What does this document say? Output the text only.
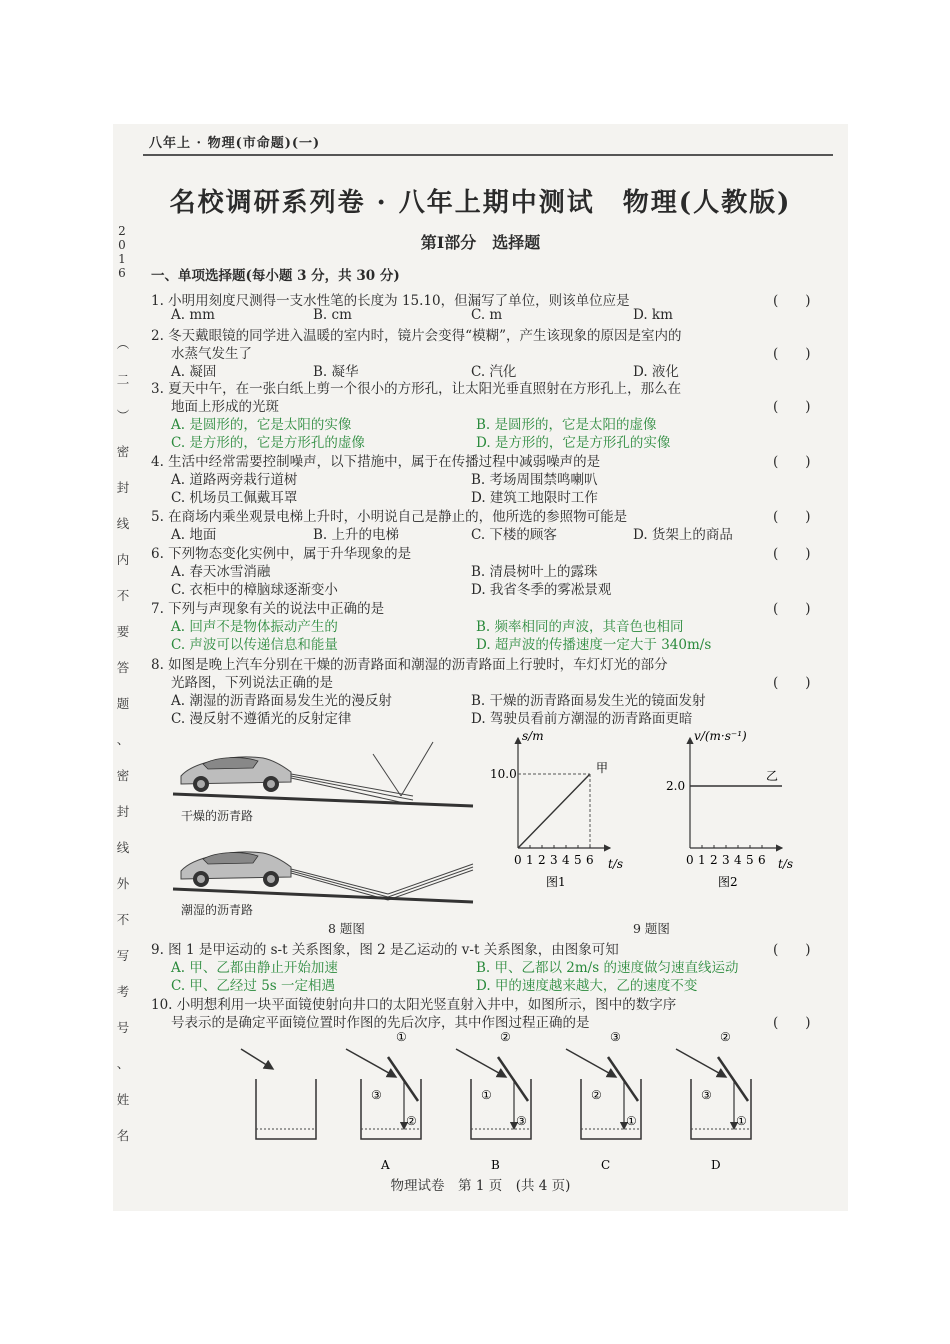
2
0
1
6
︵
二
︶
密
封
线
内
不
要
答
题
、
密
封
线
外
不
写
考
号
、
姓
名
八年上 · 物理(市命题)(一)
名校调研系列卷 · 八年上期中测试　物理(人教版)
第Ⅰ部分　选择题
一、单项选择题(每小题 3 分，共 30 分)
1. 小明用刻度尺测得一支水性笔的长度为 15.10，但漏写了单位，则该单位应是	(　　)
A. mm	B. cm	C. m	D. km
2. 冬天戴眼镜的同学进入温暖的室内时，镜片会变得“模糊”，产生该现象的原因是室内的
水蒸气发生了	(　　)
A. 凝固	B. 凝华	C. 汽化	D. 液化
3. 夏天中午，在一张白纸上剪一个很小的方形孔，让太阳光垂直照射在方形孔上，那么在
地面上形成的光斑	(　　)
A. 是圆形的，它是太阳的实像	B. 是圆形的，它是太阳的虚像
C. 是方形的，它是方形孔的虚像	D. 是方形的，它是方形孔的实像
4. 生活中经常需要控制噪声，以下措施中，属于在传播过程中减弱噪声的是	(　　)
A. 道路两旁栽行道树	B. 考场周围禁鸣喇叭
C. 机场员工佩戴耳罩	D. 建筑工地限时工作
5. 在商场内乘坐观景电梯上升时，小明说自己是静止的，他所选的参照物可能是	(　　)
A. 地面	B. 上升的电梯	C. 下楼的顾客	D. 货架上的商品
6. 下列物态变化实例中，属于升华现象的是	(　　)
A. 春天冰雪消融	B. 清晨树叶上的露珠
C. 衣柜中的樟脑球逐渐变小	D. 我省冬季的雾凇景观
7. 下列与声现象有关的说法中正确的是	(　　)
A. 回声不是物体振动产生的	B. 频率相同的声波，其音色也相同
C. 声波可以传递信息和能量	D. 超声波的传播速度一定大于 340m/s
8. 如图是晚上汽车分别在干燥的沥青路面和潮湿的沥青路面上行驶时，车灯灯光的部分
光路图，下列说法正确的是	(　　)
A. 潮湿的沥青路面易发生光的漫反射	B. 干燥的沥青路面易发生光的镜面发射
C. 漫反射不遵循光的反射定律	D. 驾驶员看前方潮湿的沥青路面更暗
干燥的沥青路
潮湿的沥青路
8 题图
s/m
t/s
10.0	甲
0 1 2 3 4 5 6
图1
v/(m·s⁻¹)
t/s
2.0
乙
0 1 2 3 4 5 6
图2
9 题图
9. 图 1 是甲运动的 s-t 关系图象，图 2 是乙运动的 v-t 关系图象，由图象可知	(　　)
A. 甲、乙都由静止开始加速	B. 甲、乙都以 2m/s 的速度做匀速直线运动
C. 甲、乙经过 5s 一定相遇	D. 甲的速度越来越大，乙的速度不变
10. 小明想利用一块平面镜使射向井口的太阳光竖直射入井中，如图所示，图中的数字序
号表示的是确定平面镜位置时作图的先后次序，其中作图过程正确的是	(　　)
①
③
②
A
②
①
③
B
③
②
①
C
②
③
①
D
物理试卷　第 1 页　(共 4 页)
